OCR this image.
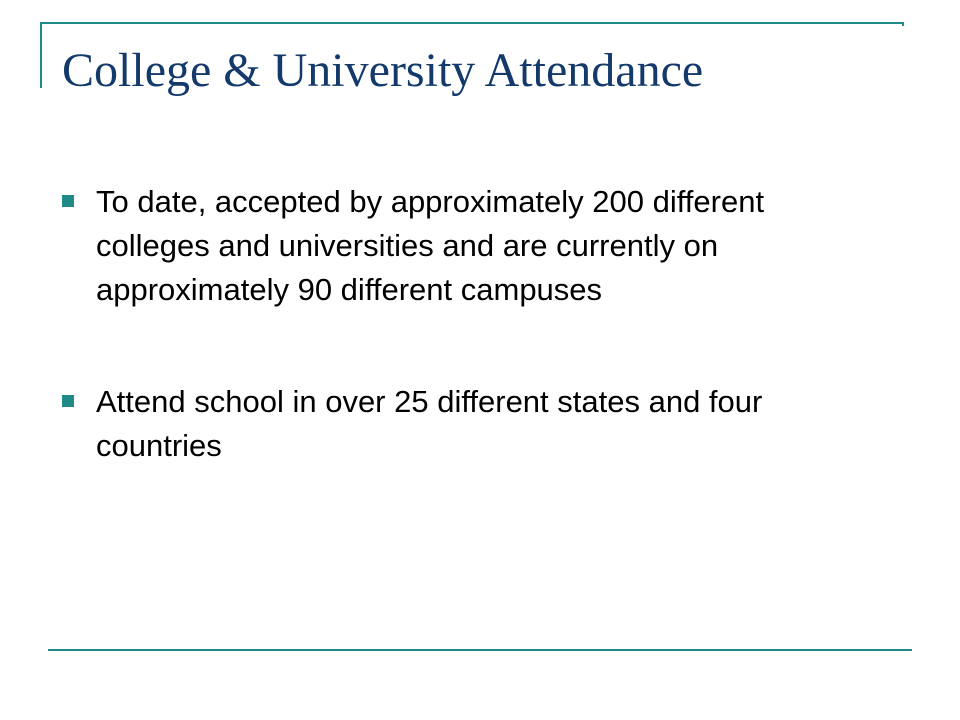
College & University Attendance
To date, accepted by approximately 200 different colleges and universities and are currently on approximately 90 different campuses
Attend school in over 25 different states and four countries
